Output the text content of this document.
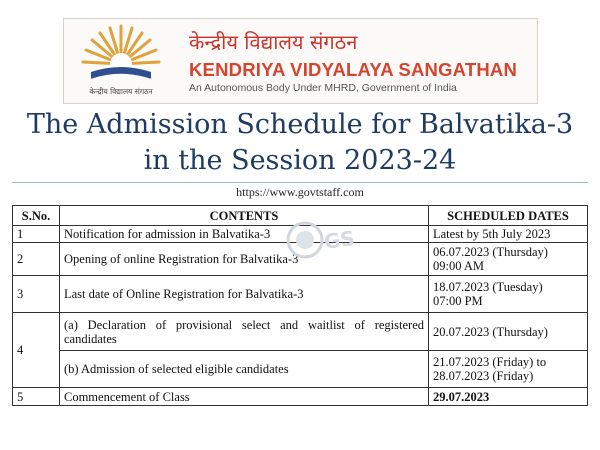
केन्द्रीय विद्यालय संगठन
केन्द्रीय विद्यालय संगठन
KENDRIYA VIDYALAYA SANGATHAN
An Autonomous Body Under MHRD, Government of India
The Admission Schedule for Balvatika-3
in the Session 2023-24
https://www.govtstaff.com
S.No.	CONTENTS	SCHEDULED DATES
1	Notification for admission in Balvatika-3	Latest by 5th July 2023
2	Opening of online Registration for Balvatika-3	06.07.2023 (Thursday)
09:00 AM

3	Last date of Online Registration for Balvatika-3	18.07.2023 (Tuesday)
07:00 PM

4	(a) Declaration of provisional select and waitlist of registered candidates	20.07.2023 (Thursday)
	(b) Admission of selected eligible candidates	21.07.2023 (Friday) to
28.07.2023 (Friday)

5	Commencement of Class	29.07.2023
GS
